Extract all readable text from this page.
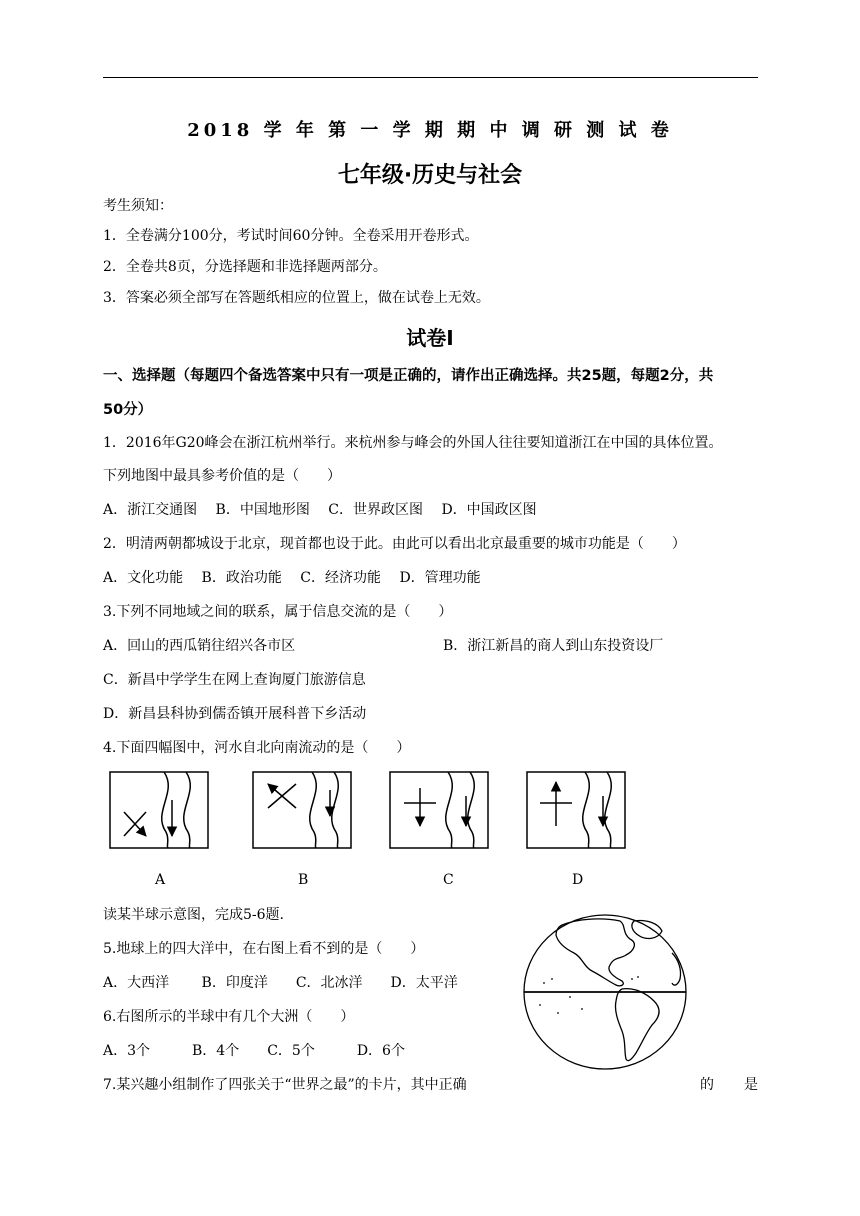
2018 学 年 第 一 学 期 期 中 调 研 测 试 卷
七年级·历史与社会
考生须知：
1．全卷满分100分，考试时间60分钟。全卷采用开卷形式。
2．全卷共8页，分选择题和非选择题两部分。
3．答案必须全部写在答题纸相应的位置上，做在试卷上无效。
试卷Ⅰ
一、选择题（每题四个备选答案中只有一项是正确的，请作出正确选择。共25题，每题2分，共
50分）
1．2016年G20峰会在浙江杭州举行。来杭州参与峰会的外国人往往要知道浙江在中国的具体位置。
下列地图中最具参考价值的是（　　）
A．浙江交通图　 B．中国地形图　 C．世界政区图　 D．中国政区图
2．明清两朝都城设于北京，现首都也设于此。由此可以看出北京最重要的城市功能是（　　）
A．文化功能　 B．政治功能　 C．经济功能　 D．管理功能
3.下列不同地域之间的联系，属于信息交流的是（　　）
A．回山的西瓜销往绍兴各市区	B．浙江新昌的商人到山东投资设厂
C．新昌中学学生在网上查询厦门旅游信息
D．新昌县科协到儒岙镇开展科普下乡活动
4.下面四幅图中，河水自北向南流动的是（　　）
A	B	C	D
读某半球示意图，完成5-6题.
5.地球上的四大洋中，在右图上看不到的是（　　）
A．大西洋　　 B．印度洋　　C．北冰洋　　D．太平洋
6.右图所示的半球中有几个大洲（　　）
A．3个　　　B．4个　　C．5个　　　D．6个
7.某兴趣小组制作了四张关于“世界之最”的卡片，其中正确	的 是
